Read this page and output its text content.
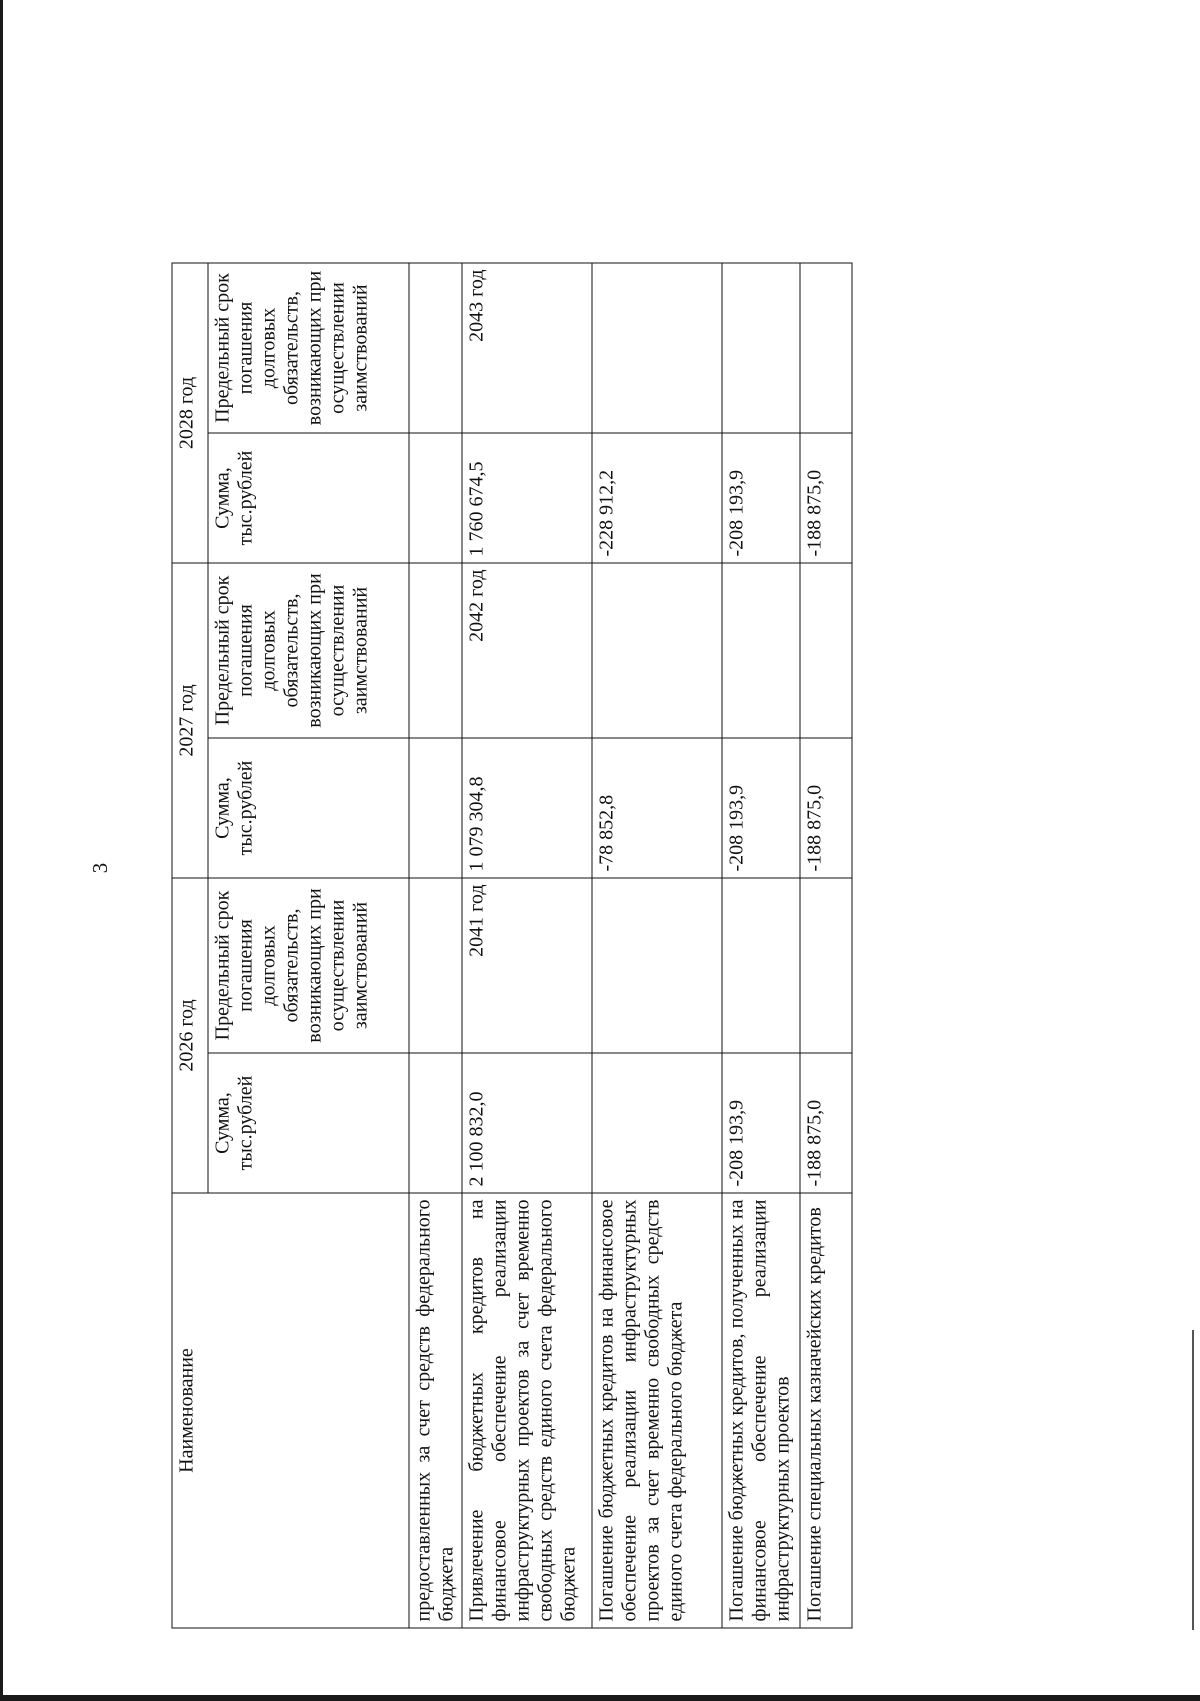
3
Наименование	2026 год		2027 год		2028 год	
	Сумма, тыс.рублей	Предельный срок погашения долговых обязательств, возникающих при осуществлении заимствований	Сумма, тыс.рублей	Предельный срок погашения долговых обязательств, возникающих при осуществлении заимствований	Сумма, тыс.рублей	Предельный срок погашения долговых обязательств, возникающих при осуществлении заимствований
предоставленных за счет средств федерального бюджета						
Привлечение бюджетных кредитов на финансовое обеспечение реализации инфраструктурных проектов за счет временно свободных средств единого счета федерального бюджета	2 100 832,0	2041 год	1 079 304,8	2042 год	1 760 674,5	2043 год
Погашение бюджетных кредитов на финансовое обеспечение реализации инфраструктурных проектов за счет временно свободных средств единого счета федерального бюджета			-78 852,8		-228 912,2	
Погашение бюджетных кредитов, полученных на финансовое обеспечение реализации инфраструктурных проектов	-208 193,9		-208 193,9		-208 193,9	
Погашение специальных казначейских кредитов	-188 875,0		-188 875,0		-188 875,0	
